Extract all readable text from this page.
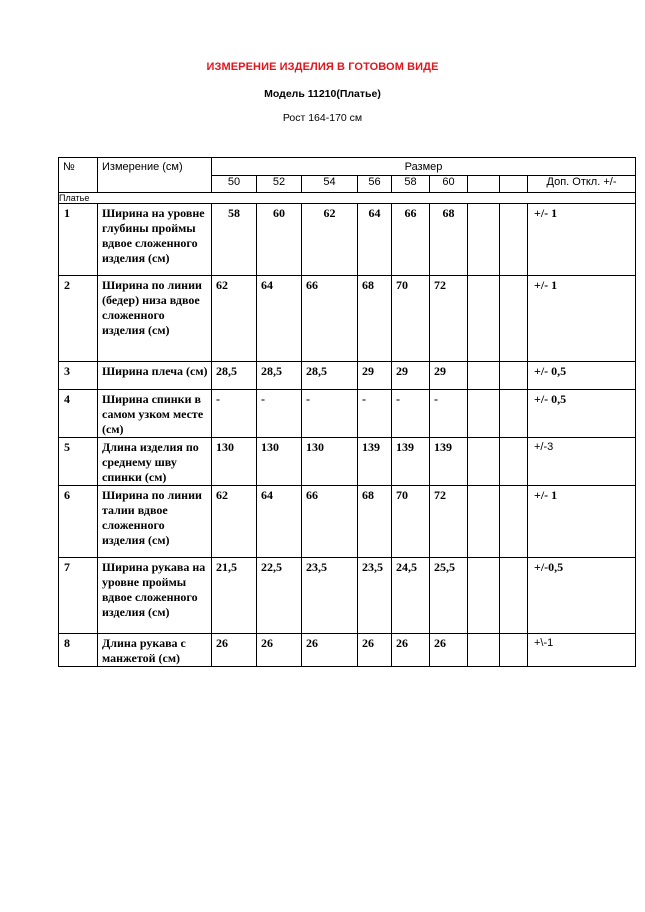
ИЗМЕРЕНИЕ ИЗДЕЛИЯ В ГОТОВОМ ВИДЕ
Модель 11210(Платье)
Рост 164-170 см
№	Измерение (см)	Размер								
		50	52	54	56	58	60			Доп. Откл. +/-
Платье										
1	Ширина на уровне глубины проймы вдвое сложенного изделия (см)	58	60	62	64	66	68			+/- 1
2	Ширина по линии (бедер) низа вдвое сложенного изделия (см)	62	64	66	68	70	72			+/- 1
3	Ширина плеча (см)	28,5	28,5	28,5	29	29	29			+/- 0,5
4	Ширина спинки в самом узком месте (см)	-	-	-	-	-	-			+/- 0,5
5	Длина изделия по среднему шву спинки (см)	130	130	130	139	139	139			+/-3
6	Ширина по линии талии вдвое сложенного изделия (см)	62	64	66	68	70	72			+/- 1
7	Ширина рукава на уровне проймы вдвое сложенного изделия (см)	21,5	22,5	23,5	23,5	24,5	25,5			+/-0,5
8	Длина рукава с манжетой (см)	26	26	26	26	26	26			+\-1
